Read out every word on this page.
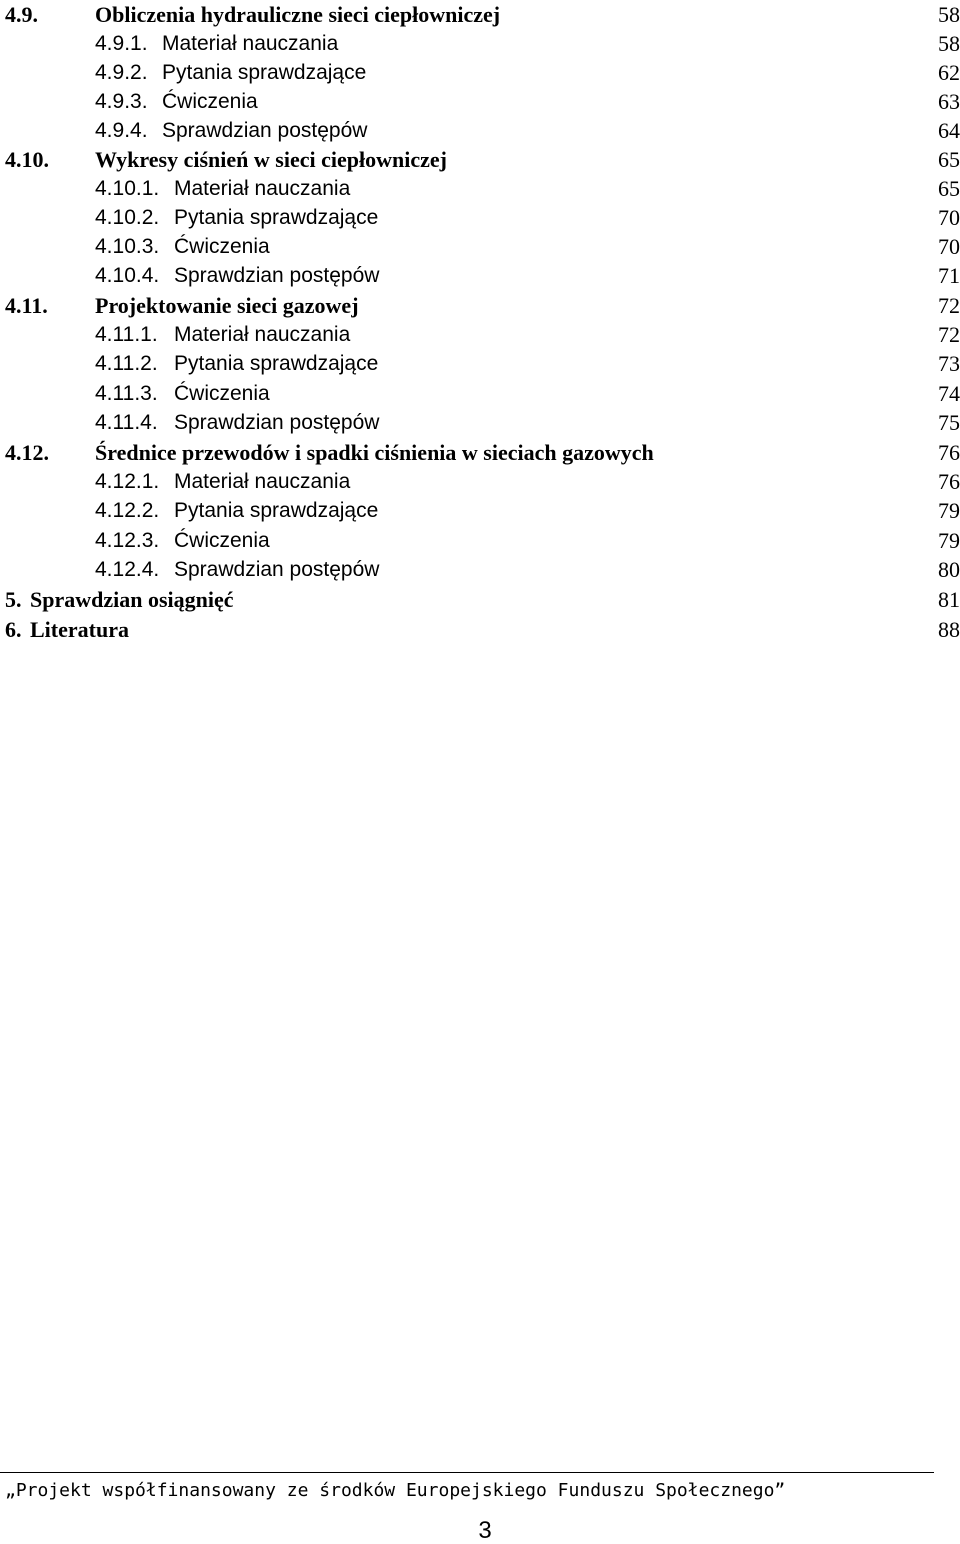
4.9.	Obliczenia hydrauliczne sieci ciepłowniczej	58
4.9.1. Materiał nauczania	58
4.9.2. Pytania sprawdzające	62
4.9.3. Ćwiczenia	63
4.9.4. Sprawdzian postępów	64
4.10. Wykresy ciśnień w sieci ciepłowniczej	65
4.10.1. Materiał nauczania	65
4.10.2. Pytania sprawdzające	70
4.10.3. Ćwiczenia	70
4.10.4. Sprawdzian postępów	71
4.11. Projektowanie sieci gazowej	72
4.11.1. Materiał nauczania	72
4.11.2. Pytania sprawdzające	73
4.11.3. Ćwiczenia	74
4.11.4. Sprawdzian postępów	75
4.12. Średnice przewodów i spadki ciśnienia w sieciach gazowych	76
4.12.1. Materiał nauczania	76
4.12.2. Pytania sprawdzające	79
4.12.3. Ćwiczenia	79
4.12.4. Sprawdzian postępów	80
5. Sprawdzian osiągnięć	81
6. Literatura	88
„Projekt współfinansowany ze środków Europejskiego Funduszu Społecznego”
3
